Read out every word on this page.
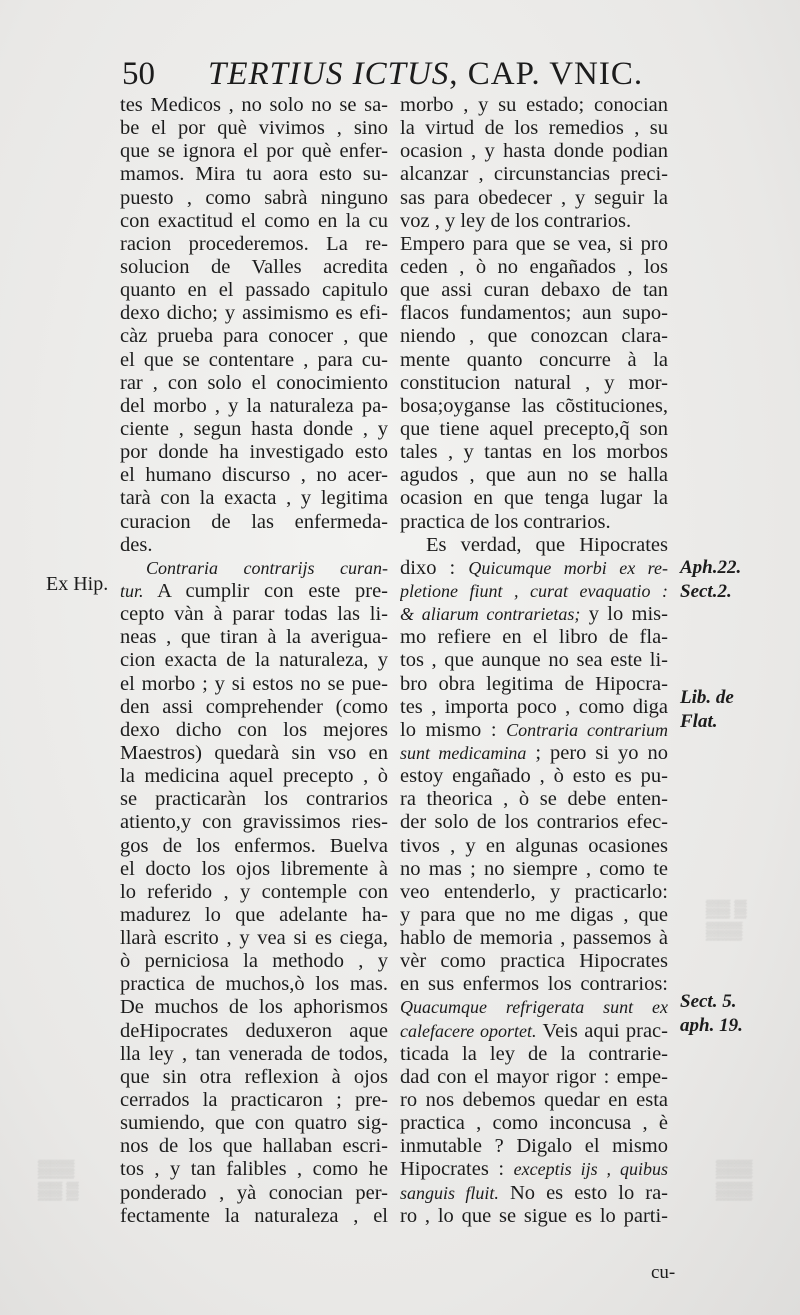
50 TERTIUS ICTUS, CAP. VNIC.
tes Medicos , no solo no se sa-
be el por què vivimos , sino
que se ignora el por què enfer-
mamos. Mira tu aora esto su-
puesto , como sabrà ninguno
con exactitud el como en la cu
racion procederemos. La re-
solucion de Valles acredita
quanto en el passado capitulo
dexo dicho; y assimismo es efi-
càz prueba para conocer , que
el que se contentare , para cu-
rar , con solo el conocimiento
del morbo , y la naturaleza pa-
ciente , segun hasta donde , y
por donde ha investigado esto
el humano discurso , no acer-
tarà con la exacta , y legitima
curacion de las enfermeda-
des.
Contraria contrarijs curan-
tur. A cumplir con este pre-
cepto vàn à parar todas las li-
neas , que tiran à la averigua-
cion exacta de la naturaleza, y
el morbo ; y si estos no se pue-
den assi comprehender (como
dexo dicho con los mejores
Maestros) quedarà sin vso en
la medicina aquel precepto , ò
se practicaràn los contrarios
atiento,y con gravissimos ries-
gos de los enfermos. Buelva
el docto los ojos libremente à
lo referido , y contemple con
madurez lo que adelante ha-
llarà escrito , y vea si es ciega,
ò perniciosa la methodo , y
practica de muchos,ò los mas.
De muchos de los aphorismos
deHipocrates deduxeron aque
lla ley , tan venerada de todos,
que sin otra reflexion à ojos
cerrados la practicaron ; pre-
sumiendo, que con quatro sig-
nos de los que hallaban escri-
tos , y tan falibles , como he
ponderado , yà conocian per-
fectamente la naturaleza , el
morbo , y su estado; conocian
la virtud de los remedios , su
ocasion , y hasta donde podian
alcanzar , circunstancias preci-
sas para obedecer , y seguir la
voz , y ley de los contrarios.
Empero para que se vea, si pro
ceden , ò no engañados , los
que assi curan debaxo de tan
flacos fundamentos; aun supo-
niendo , que conozcan clara-
mente quanto concurre à la
constitucion natural , y mor-
bosa;oyganse las cõstituciones,
que tiene aquel precepto,q̃ son
tales , y tantas en los morbos
agudos , que aun no se halla
ocasion en que tenga lugar la
practica de los contrarios.
Es verdad, que Hipocrates
dixo : Quicumque morbi ex re-
pletione fiunt , curat evaquatio :
& aliarum contrarietas; y lo mis-
mo refiere en el libro de fla-
tos , que aunque no sea este li-
bro obra legitima de Hipocra-
tes , importa poco , como diga
lo mismo : Contraria contrarium
sunt medicamina ; pero si yo no
estoy engañado , ò esto es pu-
ra theorica , ò se debe enten-
der solo de los contrarios efec-
tivos , y en algunas ocasiones
no mas ; no siempre , como te
veo entenderlo, y practicarlo:
y para que no me digas , que
hablo de memoria , passemos à
vèr como practica Hipocrates
en sus enfermos los contrarios:
Quacumque refrigerata sunt ex
calefacere oportet. Veis aqui prac-
ticada la ley de la contrarie-
dad con el mayor rigor : empe-
ro nos debemos quedar en esta
practica , como inconcusa , è
inmutable ? Digalo el mismo
Hipocrates : exceptis ijs , quibus
sanguis fluit. No es esto lo ra-
ro , lo que se sigue es lo parti-
Ex Hip.
Aph.22.
Sect.2.
Lib. de
Flat.
Sect. 5.
aph. 19.
cu-
▒▒ ▒
▒▒▒
▒▒▒
▒▒ ▒
▒▒▒
▒▒▒
